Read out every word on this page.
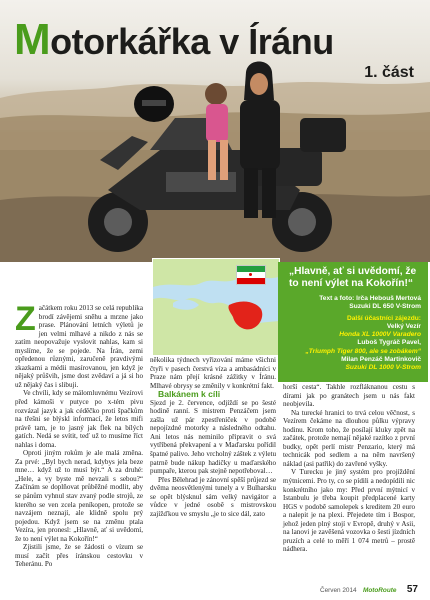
Motorkářka v Íránu

1. část

„Hlavně, ať si uvědomí, že to není výlet na Kokořín!“

Text a foto: Irča Hebouš Mertová

Suzuki DL 650 V-Strom

Další účastníci zájezdu:

Velký Vezír

Honda XL 1000V Varadero

Luboš Tygráč Pavel,

„Triumph Tiger 800, ale se zobákem“

Milan Penzáč Martinkovič

Suzuki DL 1000 V-Strom

Začátkem roku 2013 se celá republika brodí závějemi sněhu a mrzne jako prase. Plánování letních výletů je jen velmi mlhavé a nikdo z nás se zatím neopovažuje vyslovit nahlas, kam si myslíme, že se pojede. Na Írán, zemi opředenou různými, zaručeně pravdivými zkazkami a médii masírovanou, jen když je nějaký průšvih, jsme dost zvědaví a já si ho už nějaký čas i slibuji.

Ve chvíli, kdy se málomluvnému Vezírovi před kámoši v putyce po x-tém pivu rozvázal jazyk a jak céděčko proti špačkům na třešni se blýskl informací, že letos mifi právě tam, je to jasný jak flek na bílých gatích. Nedá se svítit, teď už to musíme říct nahlas i doma.

Oproti jiným rokům je ale malá změna. Za prvé: „Byl bych nerad, kdybys jela beze mne… když už to musí být.“ A za druhé: „Hele, a vy byste mě nevzali s sebou?“ Začínám se doplňovat průběžné modlit, aby se pánům vyhnul stav zvaný podle strojů, ze kterého se ven zcela peníkopen, protože se navzájem neznají, ale klidně spolu prý pojedou. Když jsem se na změnu ptala Vezíra, jen pronesl: „Hlavně, ať si uvědomí, že to není výlet na Kokořín!“

Zjistili jsme, že se žádosti o vízum se musí začít přes íránskou cestovku v Teheránu. Po

několika týdnech vyřizování máme všichni čtyři v pasech čerstvá víza a ambasádníci v Praze nám přejí krásné zážitky v Íránu. Mlhavé obrysy se změnily v konkrétní fakt.

Balkánem k cíli

Sjezd je 2. července, odjíždí se po šesté hodině ranní. S mistrem Penzáčem jsem zašla už pár zpestřeníček v podobě nepojízdné motorky a následného odtahu. Ani letos nás neminilo připravit o svá vytříbená překvapení a v Maďarsku pořídil špatné palivo. Jeho vrcholný záštek z výletu patrně bude nákup hadičky u maďarského pumpaře, kterou pak stejně nepotřeboval…

Přes Bělehrad je zánovní spěší průjezd se dvěma neosvětlenými tunely a v Bulharsku se opět blýsknul sám velký navigátor a vůdce v jedné osobě s mistrovskou zajížďkou ve smyslu „je to sice dál, zato

horší cesta“. Takhle rozfláknanou cestu s dírami jak po granátech jsem u nás fakt neobjevila.

Na turecké hranici to trvá celou věčnost, s Vezírem čekáme na dlouhou půlku výpravy hodinu. Krom toho, že posílají kluky zpět na začátek, protože nemají nějaké razítko z první budky, opět perlí mistr Penzario, který má technicák pod sedlem a na něm navršený náklad (asi patřik) do zavřené vyšky.

V Turecku je jiný systém pro projíždění mýtnicemi. Pro ty, co se pídili a nedopídili nic konkrétního jako my: Před první mýtnicí v Istanbulu je třeba koupit předplacené karty HGS v podobě samolepek s kreditem 20 euro a nalepit je na plexi. Přejedete tím i Bospor, jehož jeden plný stojí v Evropě, druhý v Asii, na lanovi je zavěšená vozovka o šesti jízdních pruzích a celé to měří 1 074 metrů – prostě nádhera.

Červen 2014 MotoRoute 57
